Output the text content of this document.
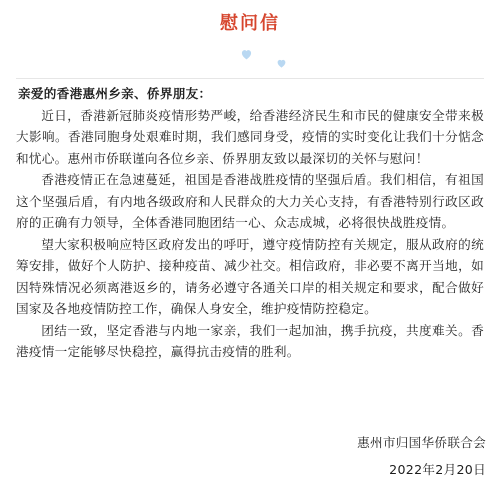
慰问信

亲爱的香港惠州乡亲、侨界朋友：

近日，香港新冠肺炎疫情形势严峻，给香港经济民生和市民的健康安全带来极大影响。香港同胞身处艰难时期，我们感同身受，疫情的实时变化让我们十分惦念和忧心。惠州市侨联谨向各位乡亲、侨界朋友致以最深切的关怀与慰问！

香港疫情正在急速蔓延，祖国是香港战胜疫情的坚强后盾。我们相信，有祖国这个坚强后盾，有内地各级政府和人民群众的大力关心支持，有香港特别行政区政府的正确有力领导，全体香港同胞团结一心、众志成城，必将很快战胜疫情。

望大家积极响应特区政府发出的呼吁，遵守疫情防控有关规定，服从政府的统筹安排，做好个人防护、接种疫苗、减少社交。相信政府，非必要不离开当地，如因特殊情况必须离港返乡的，请务必遵守各通关口岸的相关规定和要求，配合做好国家及各地疫情防控工作，确保人身安全，维护疫情防控稳定。

团结一致，坚定香港与内地一家亲，我们一起加油，携手抗疫，共度难关。香港疫情一定能够尽快稳控，赢得抗击疫情的胜利。

惠州市归国华侨联合会
2022年2月20日
